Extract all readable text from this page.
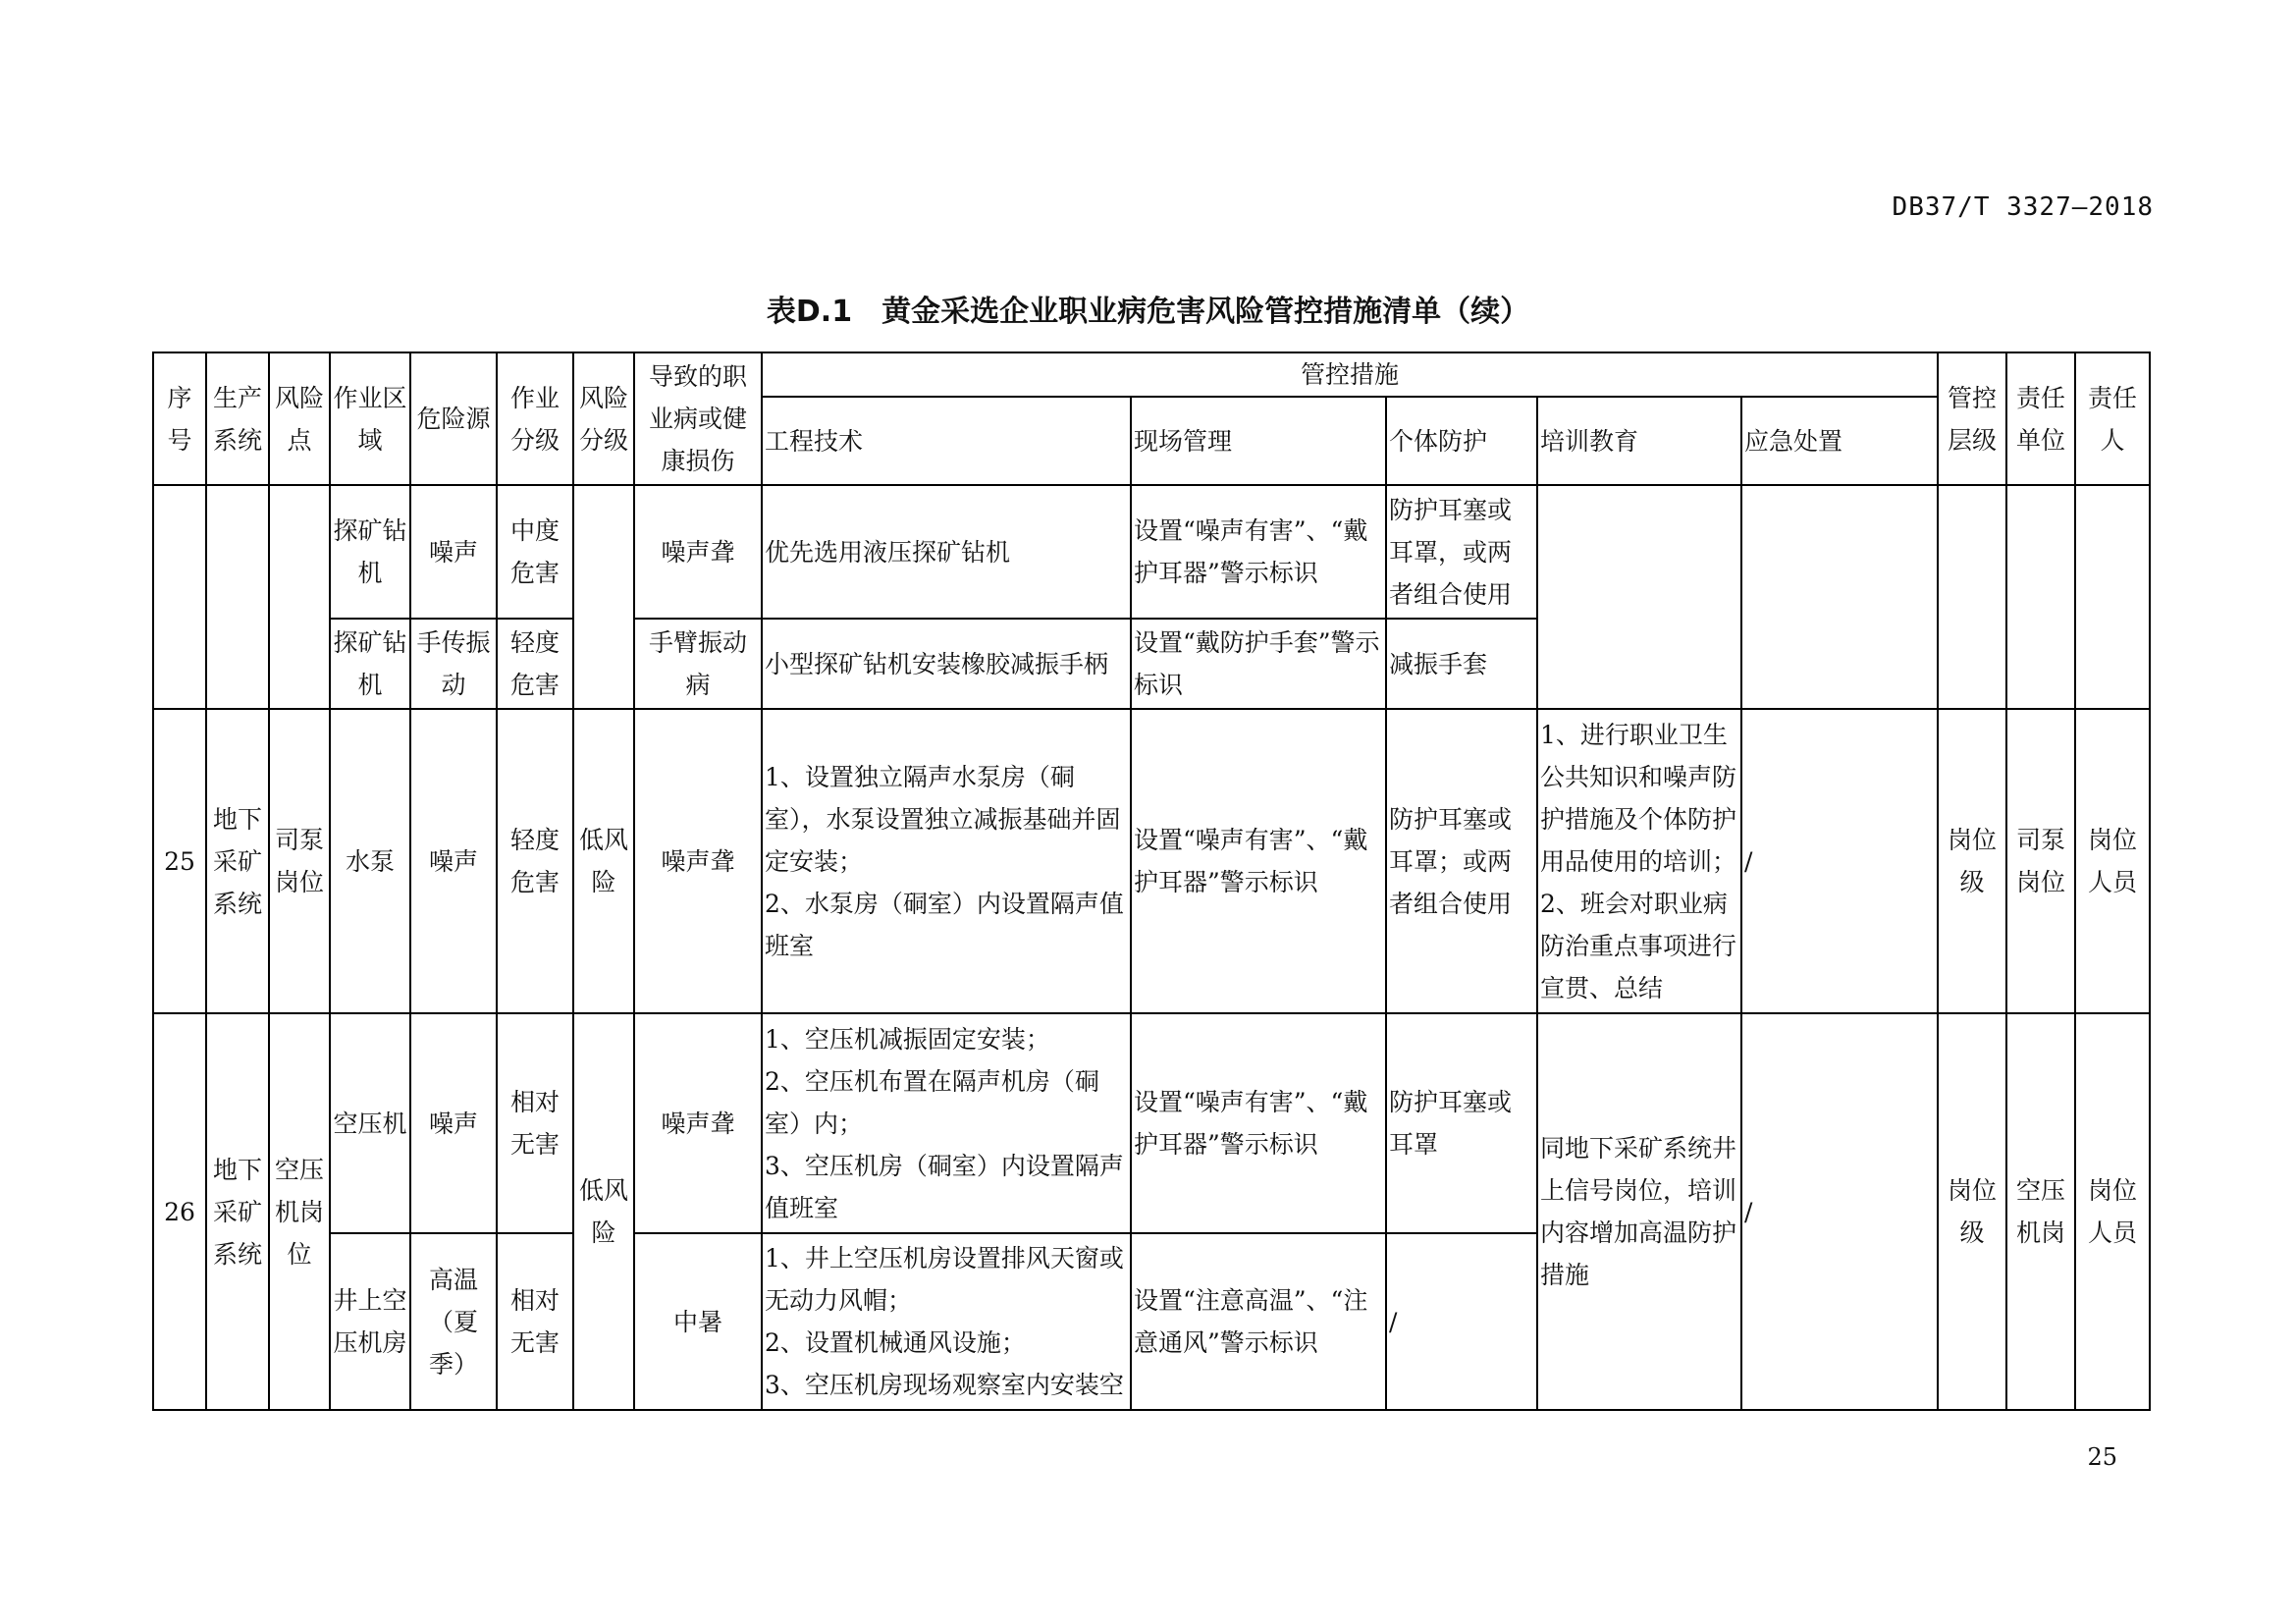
DB37/T 3327—2018
表D.1　黄金采选企业职业病危害风险管控措施清单（续）
序号	生产系统	风险点	作业区域	危险源	作业分级	风险分级	导致的职业病或健康损伤	管控措施					管控层级	责任单位	责任人
								工程技术	现场管理	个体防护	培训教育	应急处置			
			探矿钻机	噪声	中度危害		噪声聋	优先选用液压探矿钻机	设置“噪声有害”、“戴护耳器”警示标识	防护耳塞或耳罩，或两者组合使用					
			探矿钻机	手传振动	轻度危害		手臂振动病	小型探矿钻机安装橡胶减振手柄	设置“戴防护手套”警示标识	减振手套					
25	地下采矿系统	司泵岗位	水泵	噪声	轻度危害	低风险	噪声聋	1、设置独立隔声水泵房（硐室），水泵设置独立减振基础并固定安装；
2、水泵房（硐室）内设置隔声值班室	设置“噪声有害”、“戴护耳器”警示标识	防护耳塞或耳罩；或两者组合使用	1、进行职业卫生公共知识和噪声防护措施及个体防护用品使用的培训；
2、班会对职业病防治重点事项进行宣贯、总结	/	岗位级	司泵岗位	岗位人员
26	地下采矿系统	空压机岗位	空压机	噪声	相对无害	低风险	噪声聋	1、空压机减振固定安装；
2、空压机布置在隔声机房（硐室）内；
3、空压机房（硐室）内设置隔声值班室	设置“噪声有害”、“戴护耳器”警示标识	防护耳塞或耳罩	同地下采矿系统井上信号岗位，培训内容增加高温防护措施	/	岗位级	空压机岗	岗位人员
			井上空压机房	高温（夏季）	相对无害		中暑	1、井上空压机房设置排风天窗或无动力风帽；
2、设置机械通风设施；
3、空压机房现场观察室内安装空	设置“注意高温”、“注意通风”警示标识	/					
25
